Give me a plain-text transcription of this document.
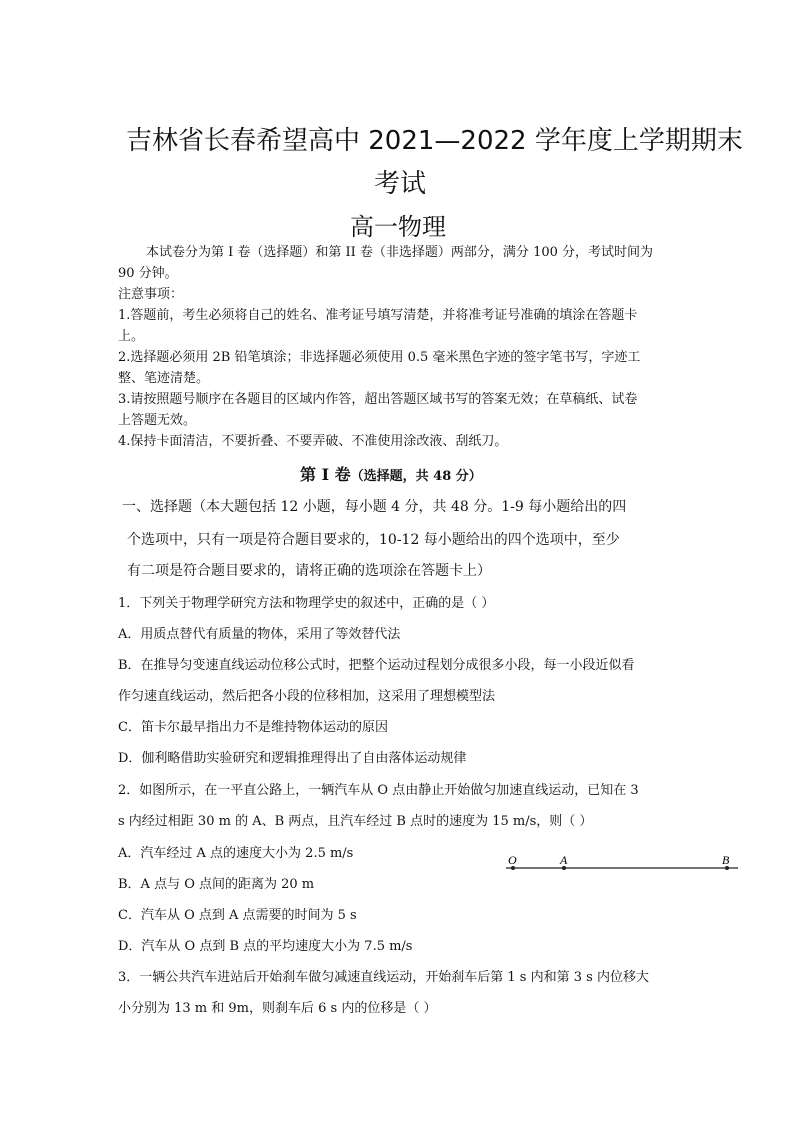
吉林省长春希望高中 2021—2022 学年度上学期期末
考试
高一物理
本试卷分为第 I 卷（选择题）和第 II 卷（非选择题）两部分，满分 100 分，考试时间为
90 分钟。
注意事项：
1.答题前，考生必须将自己的姓名、准考证号填写清楚，并将准考证号准确的填涂在答题卡
上。
2.选择题必须用 2B 铅笔填涂；非选择题必须使用 0.5 毫米黑色字迹的签字笔书写，字迹工
整、笔迹清楚。
3.请按照题号顺序在各题目的区域内作答，超出答题区域书写的答案无效；在草稿纸、试卷
上答题无效。
4.保持卡面清洁，不要折叠、不要弄破、不准使用涂改液、刮纸刀。
第 I 卷（选择题，共 48 分）
一、选择题（本大题包括 12 小题，每小题 4 分，共 48 分。1-9 每小题给出的四
个选项中，只有一项是符合题目要求的，10-12 每小题给出的四个选项中，至少
有二项是符合题目要求的，请将正确的选项涂在答题卡上）
1．下列关于物理学研究方法和物理学史的叙述中，正确的是（ ）
A．用质点替代有质量的物体，采用了等效替代法
B．在推导匀变速直线运动位移公式时，把整个运动过程划分成很多小段，每一小段近似看
作匀速直线运动，然后把各小段的位移相加，这采用了理想模型法
C．笛卡尔最早指出力不是维持物体运动的原因
D．伽利略借助实验研究和逻辑推理得出了自由落体运动规律
2．如图所示，在一平直公路上，一辆汽车从 O 点由静止开始做匀加速直线运动，已知在 3
s 内经过相距 30 m 的 A、B 两点，且汽车经过 B 点时的速度为 15 m/s，则（ ）
A．汽车经过 A 点的速度大小为 2.5 m/s
B．A 点与 O 点间的距离为 20 m
C．汽车从 O 点到 A 点需要的时间为 5 s
D．汽车从 O 点到 B 点的平均速度大小为 7.5 m/s
O	A	B
3．一辆公共汽车进站后开始刹车做匀减速直线运动，开始刹车后第 1 s 内和第 3 s 内位移大
小分别为 13 m 和 9m，则刹车后 6 s 内的位移是（ ）
